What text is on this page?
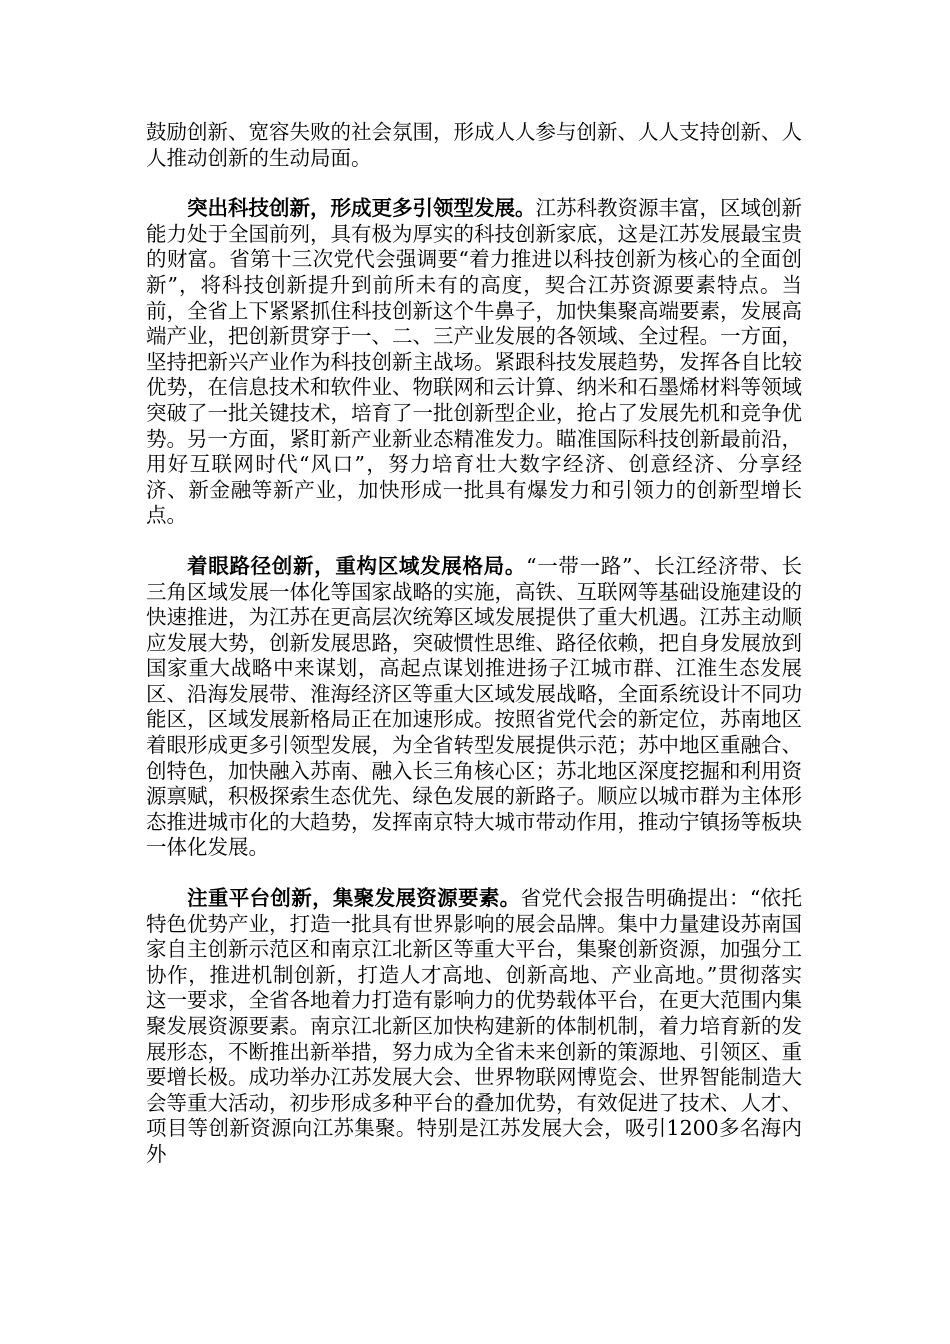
鼓励创新、宽容失败的社会氛围，形成人人参与创新、人人支持创新、人人推动创新的生动局面。

突出科技创新，形成更多引领型发展。江苏科教资源丰富，区域创新能力处于全国前列，具有极为厚实的科技创新家底，这是江苏发展最宝贵的财富。省第十三次党代会强调要“着力推进以科技创新为核心的全面创新”，将科技创新提升到前所未有的高度，契合江苏资源要素特点。当前，全省上下紧紧抓住科技创新这个牛鼻子，加快集聚高端要素，发展高端产业，把创新贯穿于一、二、三产业发展的各领域、全过程。一方面，坚持把新兴产业作为科技创新主战场。紧跟科技发展趋势，发挥各自比较优势，在信息技术和软件业、物联网和云计算、纳米和石墨烯材料等领域突破了一批关键技术，培育了一批创新型企业，抢占了发展先机和竞争优势。另一方面，紧盯新产业新业态精准发力。瞄准国际科技创新最前沿，用好互联网时代“风口”，努力培育壮大数字经济、创意经济、分享经济、新金融等新产业，加快形成一批具有爆发力和引领力的创新型增长点。

着眼路径创新，重构区域发展格局。“一带一路”、长江经济带、长三角区域发展一体化等国家战略的实施，高铁、互联网等基础设施建设的快速推进，为江苏在更高层次统筹区域发展提供了重大机遇。江苏主动顺应发展大势，创新发展思路，突破惯性思维、路径依赖，把自身发展放到国家重大战略中来谋划，高起点谋划推进扬子江城市群、江淮生态发展区、沿海发展带、淮海经济区等重大区域发展战略，全面系统设计不同功能区，区域发展新格局正在加速形成。按照省党代会的新定位，苏南地区着眼形成更多引领型发展，为全省转型发展提供示范；苏中地区重融合、创特色，加快融入苏南、融入长三角核心区；苏北地区深度挖掘和利用资源禀赋，积极探索生态优先、绿色发展的新路子。顺应以城市群为主体形态推进城市化的大趋势，发挥南京特大城市带动作用，推动宁镇扬等板块一体化发展。

注重平台创新，集聚发展资源要素。省党代会报告明确提出：“依托特色优势产业，打造一批具有世界影响的展会品牌。集中力量建设苏南国家自主创新示范区和南京江北新区等重大平台，集聚创新资源，加强分工协作，推进机制创新，打造人才高地、创新高地、产业高地。”贯彻落实这一要求，全省各地着力打造有影响力的优势载体平台，在更大范围内集聚发展资源要素。南京江北新区加快构建新的体制机制，着力培育新的发展形态，不断推出新举措，努力成为全省未来创新的策源地、引领区、重要增长极。成功举办江苏发展大会、世界物联网博览会、世界智能制造大会等重大活动，初步形成多种平台的叠加优势，有效促进了技术、人才、项目等创新资源向江苏集聚。特别是江苏发展大会，吸引1200多名海内外
